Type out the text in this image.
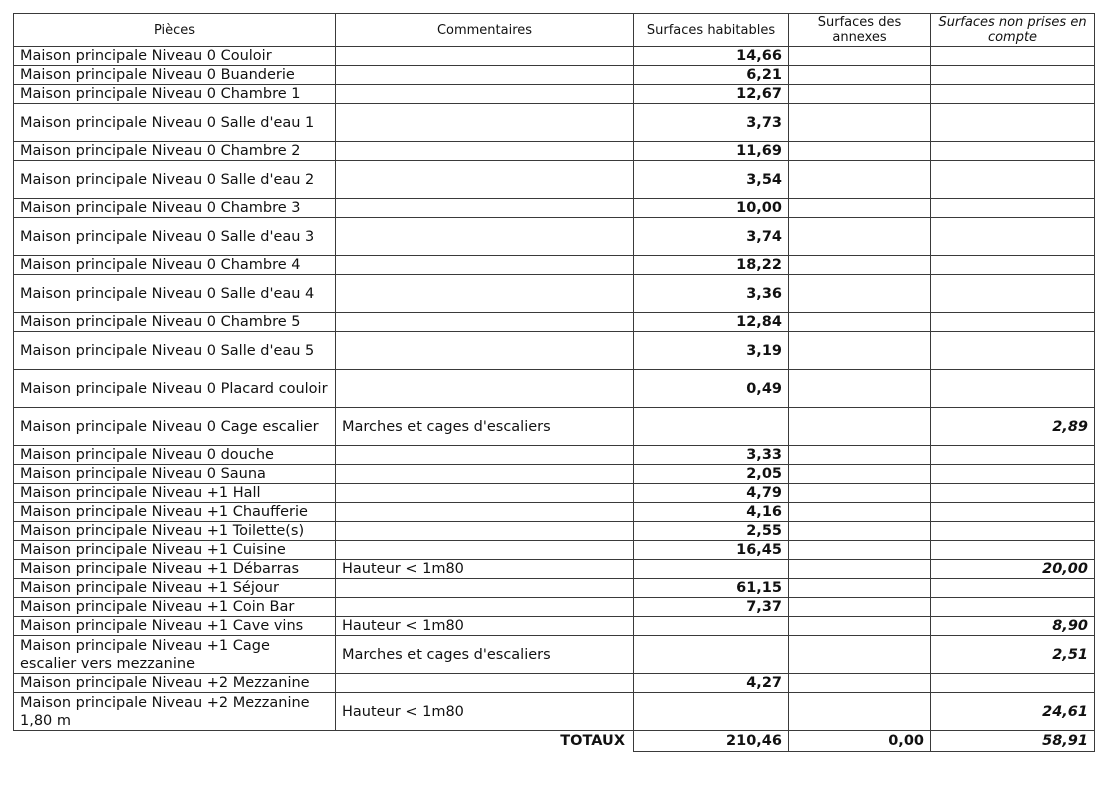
Pièces	Commentaires	Surfaces habitables	Surfaces des annexes	Surfaces non prises en compte
Maison principale Niveau 0 Couloir		14,66		
Maison principale Niveau 0 Buanderie		6,21		
Maison principale Niveau 0 Chambre 1		12,67		
Maison principale Niveau 0 Salle d'eau 1		3,73		
Maison principale Niveau 0 Chambre 2		11,69		
Maison principale Niveau 0 Salle d'eau 2		3,54		
Maison principale Niveau 0 Chambre 3		10,00		
Maison principale Niveau 0 Salle d'eau 3		3,74		
Maison principale Niveau 0 Chambre 4		18,22		
Maison principale Niveau 0 Salle d'eau 4		3,36		
Maison principale Niveau 0 Chambre 5		12,84		
Maison principale Niveau 0 Salle d'eau 5		3,19		
Maison principale Niveau 0 Placard couloir		0,49		
Maison principale Niveau 0 Cage escalier	Marches et cages d'escaliers			2,89
Maison principale Niveau 0 douche		3,33		
Maison principale Niveau 0 Sauna		2,05		
Maison principale Niveau +1 Hall		4,79		
Maison principale Niveau +1 Chaufferie		4,16		
Maison principale Niveau +1 Toilette(s)		2,55		
Maison principale Niveau +1 Cuisine		16,45		
Maison principale Niveau +1 Débarras	Hauteur < 1m80			20,00
Maison principale Niveau +1 Séjour		61,15		
Maison principale Niveau +1 Coin Bar		7,37		
Maison principale Niveau +1 Cave vins	Hauteur < 1m80			8,90
Maison principale Niveau +1 Cage escalier vers mezzanine	Marches et cages d'escaliers			2,51
Maison principale Niveau +2 Mezzanine		4,27		
Maison principale Niveau +2 Mezzanine 1,80 m	Hauteur < 1m80			24,61
	TOTAUX	210,46	0,00	58,91
